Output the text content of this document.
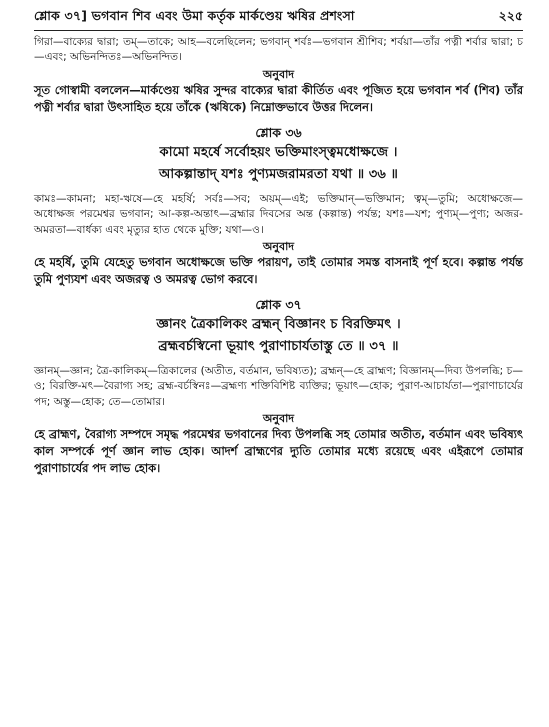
শ্লোক ৩৭] ভগবান শিব এবং উমা কর্তৃক মার্কণ্ডেয় ঋষির প্রশংসা	২২৫

গিরা—বাক্যের দ্বারা; তম্—তাকে; আহ—বলেছিলেন; ভগবান্ শর্বঃ—ভগবান শ্রীশিব; শর্বয়া—তাঁর পত্নী শর্বার দ্বারা; চ—এবং; অভিনন্দিতঃ—অভিনন্দিত।

অনুবাদ

সূত গোস্বামী বললেন—মার্কণ্ডেয় ঋষির সুন্দর বাক্যের দ্বারা কীর্তিত এবং পূজিত হয়ে ভগবান শর্ব (শিব) তাঁর পত্নী শর্বার দ্বারা উৎসাহিত হয়ে তাঁকে (ঋষিকে) নিম্নোক্তভাবে উত্তর দিলেন।

শ্লোক ৩৬
কামো মহর্ষে সর্বোহয়ং ভক্তিমাংস্ত্বমধোক্ষজে ।
আকল্পান্তাদ্ যশঃ পুণ্যমজরামরতা যথা ॥ ৩৬ ॥

কামঃ—কামনা; মহা-ঋষে—হে মহর্ষি; সর্বঃ—সব; অয়ম্—এই; ভক্তিমান্—ভক্তিমান; ত্বম্—তুমি; অধোক্ষজে—অধোক্ষজ পরমেশ্বর ভগবান; আ-কল্প-অন্তাৎ—ব্রহ্মার দিবসের অন্ত (কল্পান্ত) পর্যন্ত; যশঃ—যশ; পুণ্যম্—পুণ্য; অজর-অমরতা—বার্ধক্য এবং মৃত্যুর হাত থেকে মুক্তি; যথা—ও।

অনুবাদ

হে মহর্ষি, তুমি যেহেতু ভগবান অধোক্ষজে ভক্তি পরায়ণ, তাই তোমার সমস্ত বাসনাই পূর্ণ হবে। কল্পান্ত পর্যন্ত তুমি পুণ্যযশ এবং অজরত্ব ও অমরত্ব ভোগ করবে।

শ্লোক ৩৭
জ্ঞানং ত্রৈকালিকং ব্রহ্মন্ বিজ্ঞানং চ বিরক্তিমৎ ।
ব্রহ্মবর্চস্বিনো ভূয়াৎ পুরাণাচার্যতাস্তু তে ॥ ৩৭ ॥

জ্ঞানম্—জ্ঞান; ত্রৈ-কালিকম্—ত্রিকালের (অতীত, বর্তমান, ভবিষ্যত); ব্রহ্মন্—হে ব্রাহ্মণ; বিজ্ঞানম্—দিব্য উপলব্ধি; চ—ও; বিরক্তি-মৎ—বৈরাগ্য সহ; ব্রহ্ম-বর্চস্বিনঃ—ব্রহ্মণ্য শক্তিবিশিষ্ট ব্যক্তির; ভূয়াৎ—হোক; পুরাণ-আচার্যতা—পুরাণাচার্যের পদ; অস্তু—হোক; তে—তোমার।

অনুবাদ

হে ব্রাহ্মণ, বৈরাগ্য সম্পদে সমৃদ্ধ পরমেশ্বর ভগবানের দিব্য উপলব্ধি সহ তোমার অতীত, বর্তমান এবং ভবিষ্যৎ কাল সম্পর্কে পূর্ণ জ্ঞান লাভ হোক। আদর্শ ব্রাহ্মণের দ্যুতি তোমার মধ্যে রয়েছে এবং এইরূপে তোমার পুরাণাচার্যের পদ লাভ হোক।
